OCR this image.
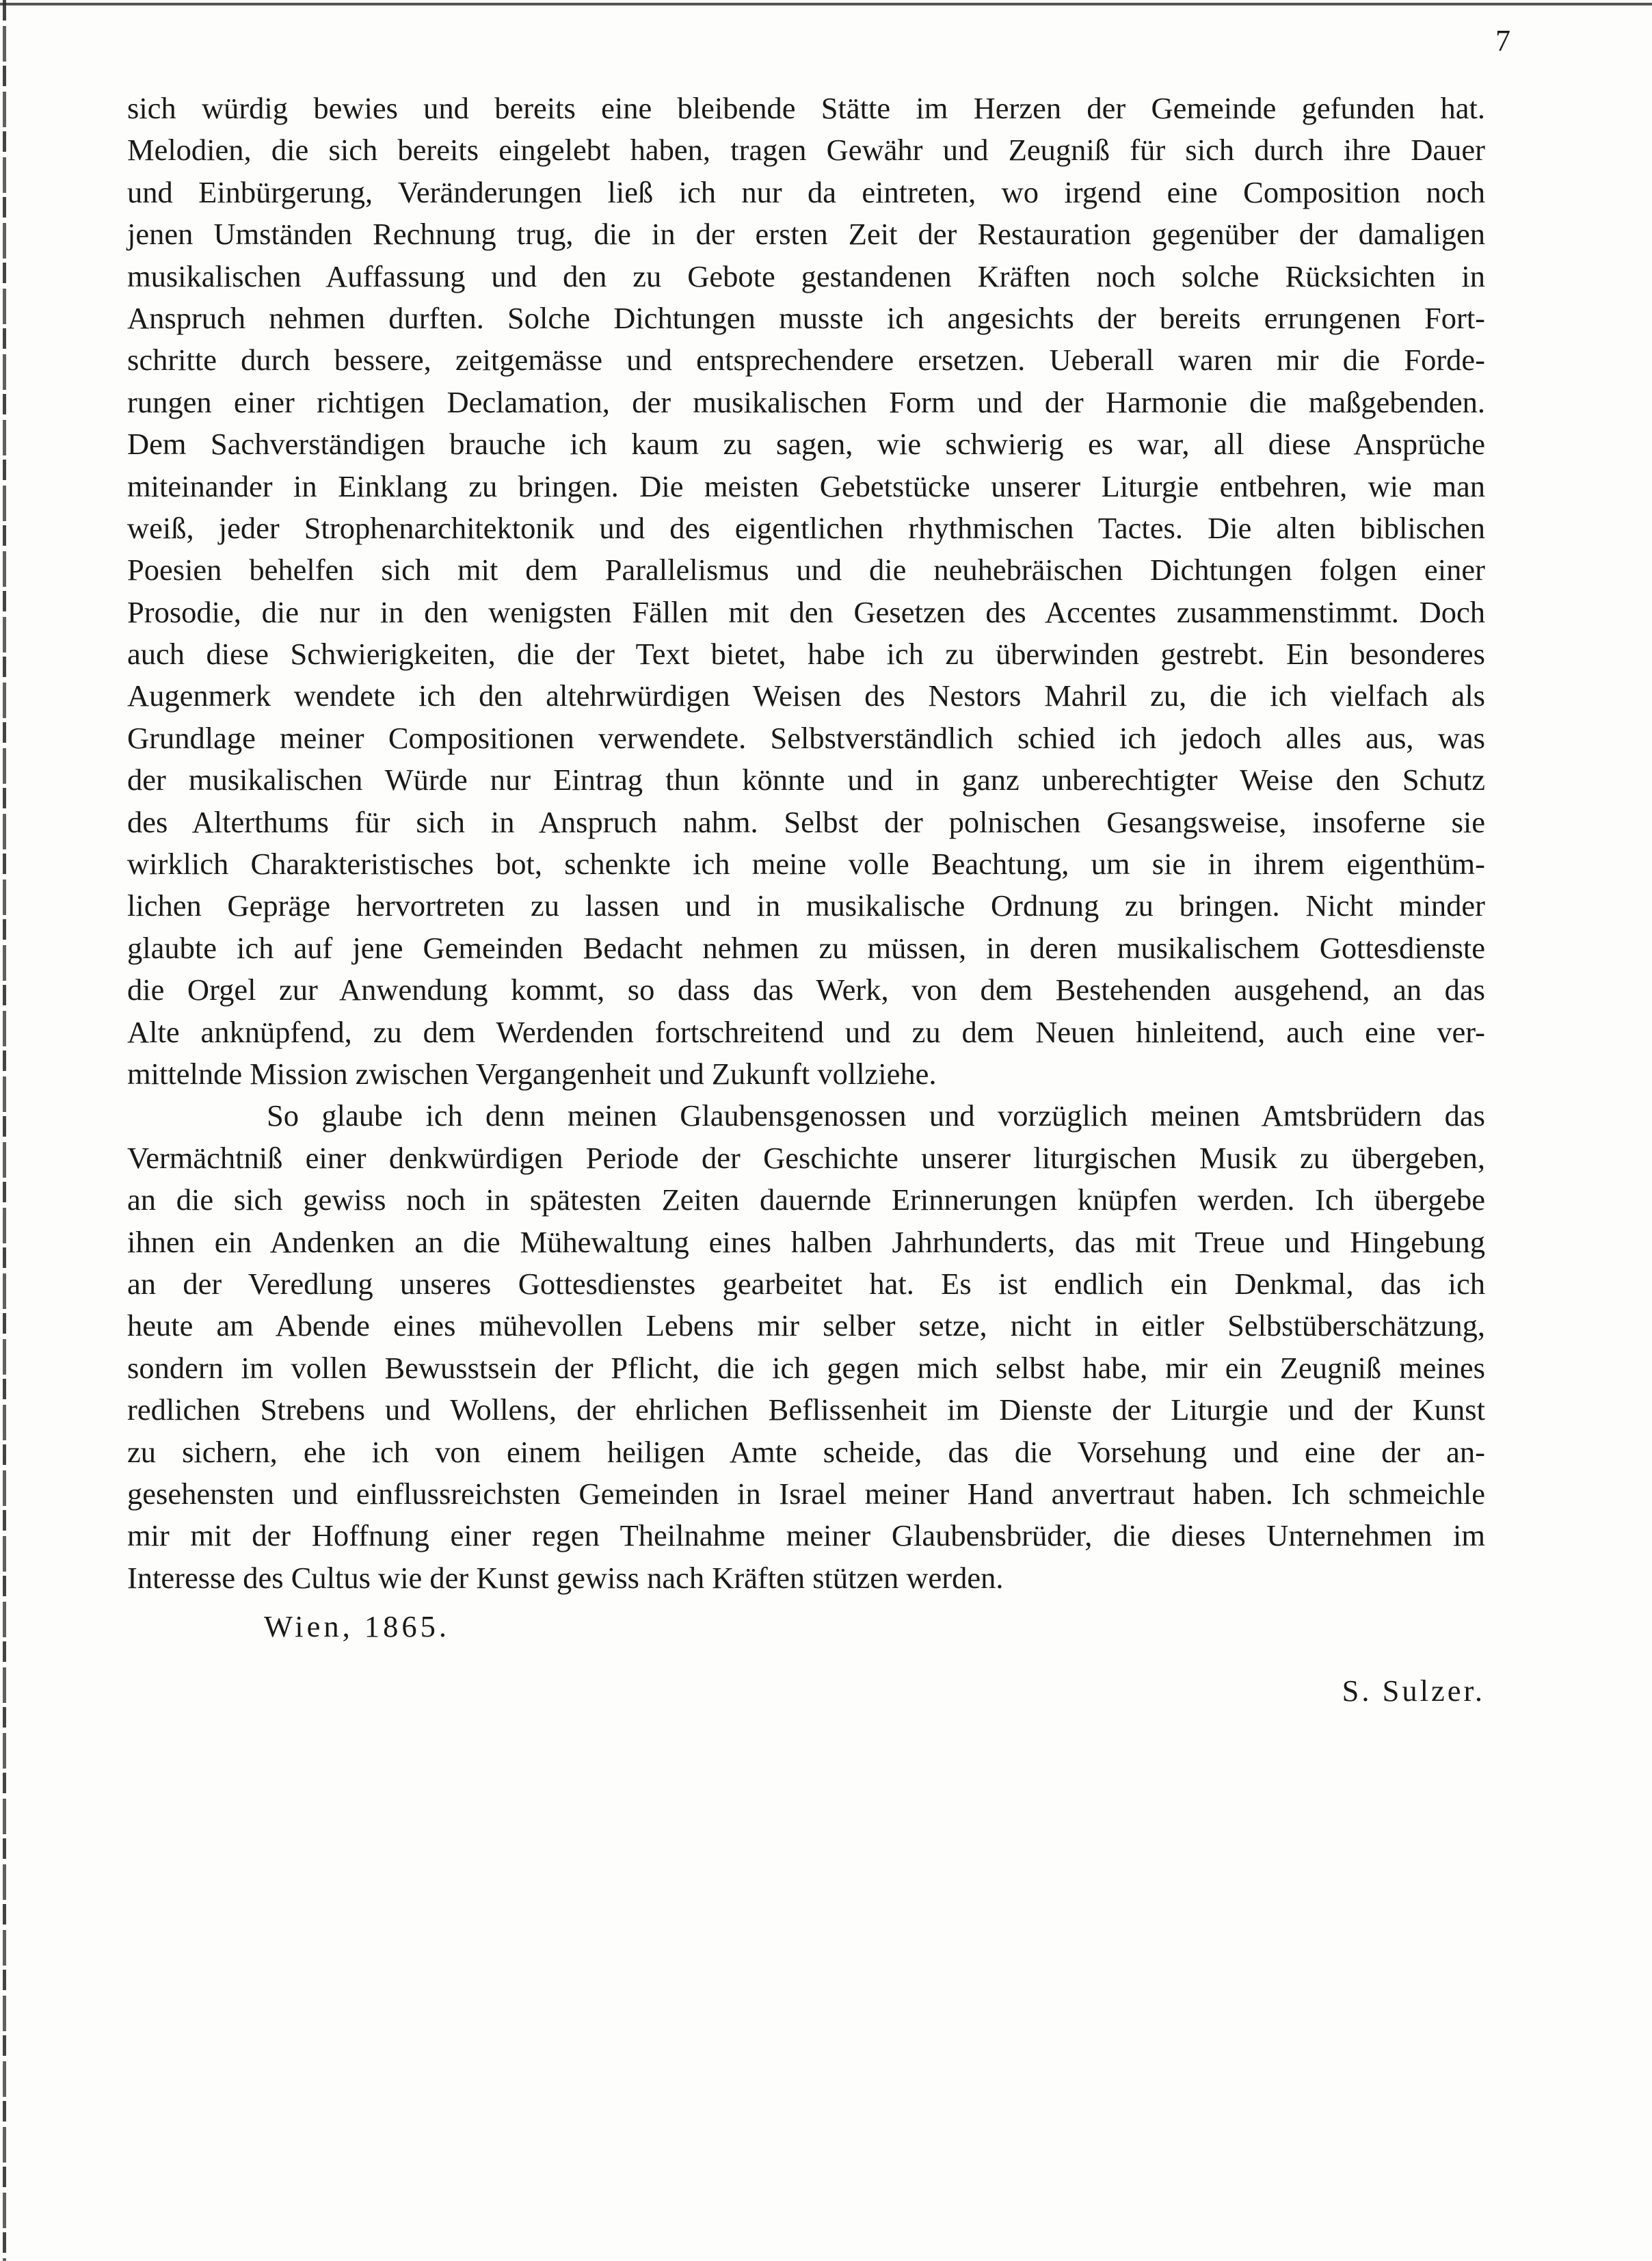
7
sich würdig bewies und bereits eine bleibende Stätte im Herzen der Gemeinde gefunden hat.
Melodien, die sich bereits eingelebt haben, tragen Gewähr und Zeugniß für sich durch ihre Dauer
und Einbürgerung, Veränderungen ließ ich nur da eintreten, wo irgend eine Composition noch
jenen Umständen Rechnung trug, die in der ersten Zeit der Restauration gegenüber der damaligen
musikalischen Auffassung und den zu Gebote gestandenen Kräften noch solche Rücksichten in
Anspruch nehmen durften. Solche Dichtungen musste ich angesichts der bereits errungenen Fort-
schritte durch bessere, zeitgemässe und entsprechendere ersetzen. Ueberall waren mir die Forde-
rungen einer richtigen Declamation, der musikalischen Form und der Harmonie die maßgebenden.
Dem Sachverständigen brauche ich kaum zu sagen, wie schwierig es war, all diese Ansprüche
miteinander in Einklang zu bringen. Die meisten Gebetstücke unserer Liturgie entbehren, wie man
weiß, jeder Strophenarchitektonik und des eigentlichen rhythmischen Tactes. Die alten biblischen
Poesien behelfen sich mit dem Parallelismus und die neuhebräischen Dichtungen folgen einer
Prosodie, die nur in den wenigsten Fällen mit den Gesetzen des Accentes zusammenstimmt. Doch
auch diese Schwierigkeiten, die der Text bietet, habe ich zu überwinden gestrebt. Ein besonderes
Augenmerk wendete ich den altehrwürdigen Weisen des Nestors Mahril zu, die ich vielfach als
Grundlage meiner Compositionen verwendete. Selbstverständlich schied ich jedoch alles aus, was
der musikalischen Würde nur Eintrag thun könnte und in ganz unberechtigter Weise den Schutz
des Alterthums für sich in Anspruch nahm. Selbst der polnischen Gesangsweise, insoferne sie
wirklich Charakteristisches bot, schenkte ich meine volle Beachtung, um sie in ihrem eigenthüm-
lichen Gepräge hervortreten zu lassen und in musikalische Ordnung zu bringen. Nicht minder
glaubte ich auf jene Gemeinden Bedacht nehmen zu müssen, in deren musikalischem Gottesdienste
die Orgel zur Anwendung kommt, so dass das Werk, von dem Bestehenden ausgehend, an das
Alte anknüpfend, zu dem Werdenden fortschreitend und zu dem Neuen hinleitend, auch eine ver-
mittelnde Mission zwischen Vergangenheit und Zukunft vollziehe.
So glaube ich denn meinen Glaubensgenossen und vorzüglich meinen Amtsbrüdern das
Vermächtniß einer denkwürdigen Periode der Geschichte unserer liturgischen Musik zu übergeben,
an die sich gewiss noch in spätesten Zeiten dauernde Erinnerungen knüpfen werden. Ich übergebe
ihnen ein Andenken an die Mühewaltung eines halben Jahrhunderts, das mit Treue und Hingebung
an der Veredlung unseres Gottesdienstes gearbeitet hat. Es ist endlich ein Denkmal, das ich
heute am Abende eines mühevollen Lebens mir selber setze, nicht in eitler Selbstüberschätzung,
sondern im vollen Bewusstsein der Pflicht, die ich gegen mich selbst habe, mir ein Zeugniß meines
redlichen Strebens und Wollens, der ehrlichen Beflissenheit im Dienste der Liturgie und der Kunst
zu sichern, ehe ich von einem heiligen Amte scheide, das die Vorsehung und eine der an-
gesehensten und einflussreichsten Gemeinden in Israel meiner Hand anvertraut haben. Ich schmeichle
mir mit der Hoffnung einer regen Theilnahme meiner Glaubensbrüder, die dieses Unternehmen im
Interesse des Cultus wie der Kunst gewiss nach Kräften stützen werden.
Wien, 1865.
S. Sulzer.
